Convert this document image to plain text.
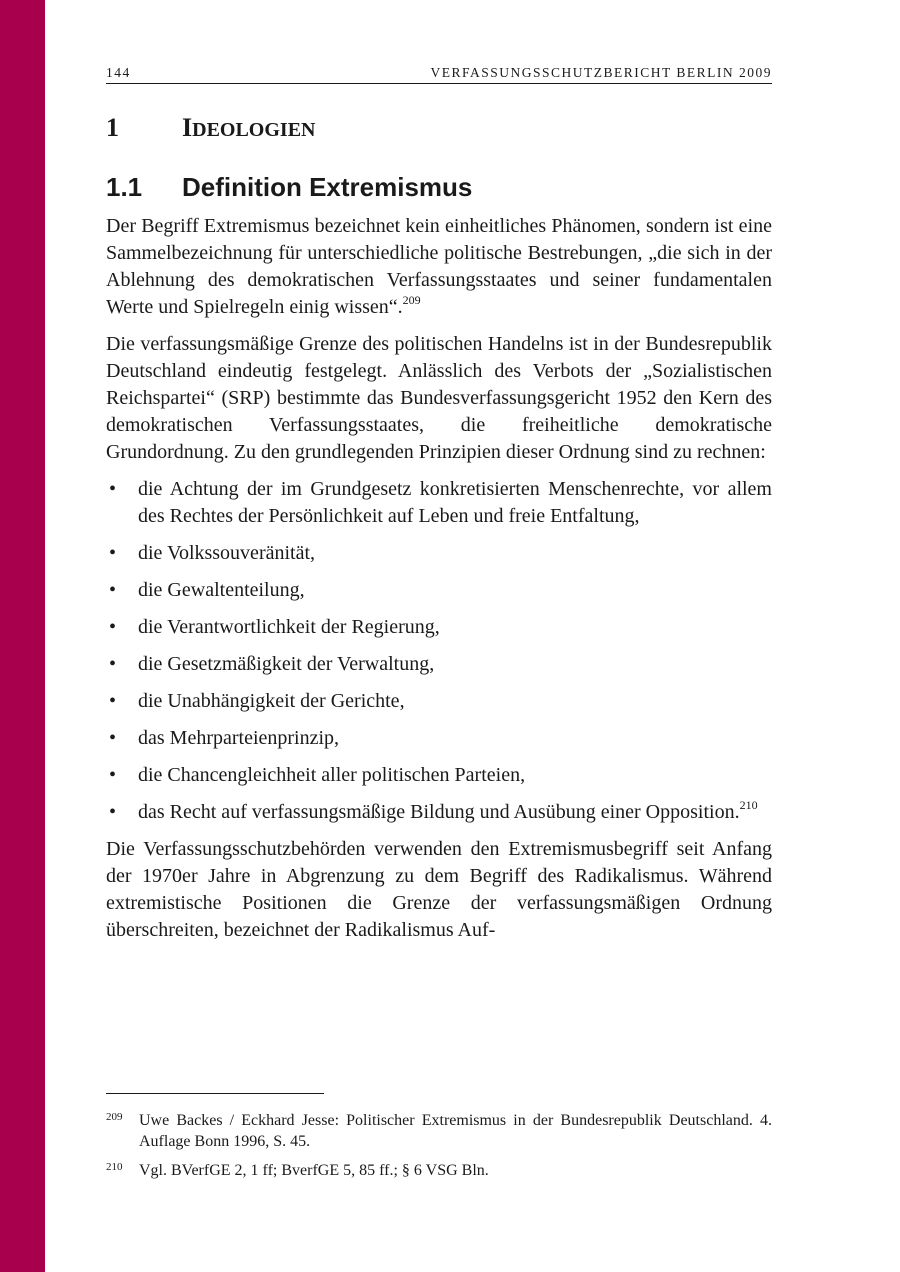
144	VERFASSUNGSSCHUTZBERICHT BERLIN 2009
1 IDEOLOGIEN
1.1 Definition Extremismus

Der Begriff Extremismus bezeichnet kein einheitliches Phänomen, sondern ist eine Sammelbezeichnung für unterschiedliche politische Bestrebungen, „die sich in der Ablehnung des demokratischen Verfassungsstaates und seiner fundamentalen Werte und Spielregeln einig wissen“.$^{209}$

Die verfassungsmäßige Grenze des politischen Handelns ist in der Bundesrepublik Deutschland eindeutig festgelegt. Anlässlich des Verbots der „Sozialistischen Reichspartei“ (SRP) bestimmte das Bundesverfassungsgericht 1952 den Kern des demokratischen Verfassungsstaates, die freiheitliche demokratische Grundordnung. Zu den grundlegenden Prinzipien dieser Ordnung sind zu rechnen:

• die Achtung der im Grundgesetz konkretisierten Menschenrechte, vor allem des Rechtes der Persönlichkeit auf Leben und freie Entfaltung,
• die Volkssouveränität,
• die Gewaltenteilung,
• die Verantwortlichkeit der Regierung,
• die Gesetzmäßigkeit der Verwaltung,
• die Unabhängigkeit der Gerichte,
• das Mehrparteienprinzip,
• die Chancengleichheit aller politischen Parteien,
• das Recht auf verfassungsmäßige Bildung und Ausübung einer Opposition.$^{210}$

Die Verfassungsschutzbehörden verwenden den Extremismusbegriff seit Anfang der 1970er Jahre in Abgrenzung zu dem Begriff des Radikalismus. Während extremistische Positionen die Grenze der verfassungsmäßigen Ordnung überschreiten, bezeichnet der Radikalismus Auf-

209 Uwe Backes / Eckhard Jesse: Politischer Extremismus in der Bundesrepublik Deutschland. 4. Auflage Bonn 1996, S. 45.
210 Vgl. BVerfGE 2, 1 ff; BverfGE 5, 85 ff.; § 6 VSG Bln.
